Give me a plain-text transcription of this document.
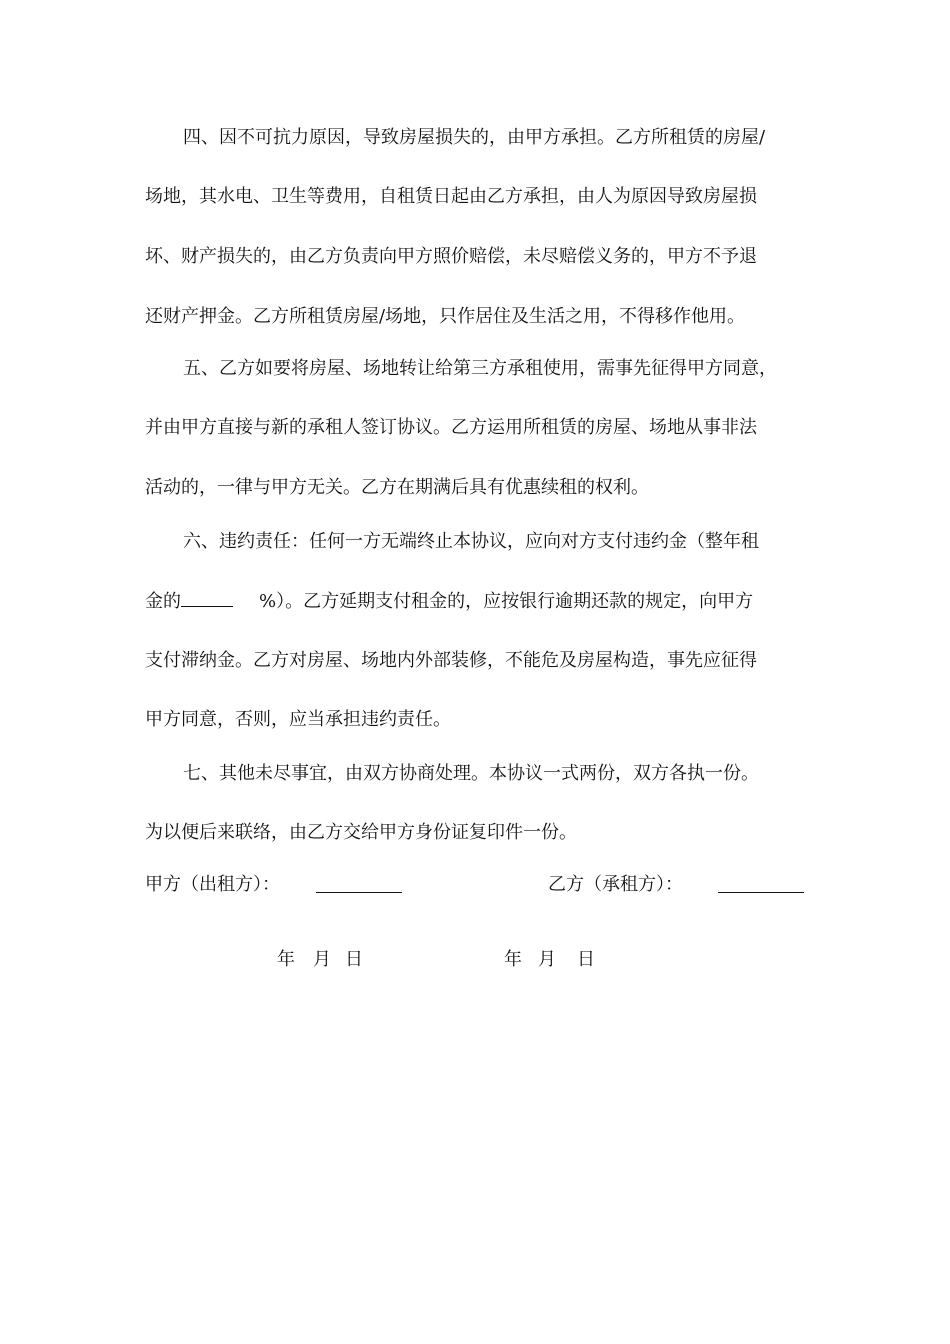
四、因不可抗力原因，导致房屋损失的，由甲方承担。乙方所租赁的房屋/
场地，其水电、卫生等费用，自租赁日起由乙方承担，由人为原因导致房屋损
坏、财产损失的，由乙方负责向甲方照价赔偿，未尽赔偿义务的，甲方不予退
还财产押金。乙方所租赁房屋/场地，只作居住及生活之用，不得移作他用。
五、乙方如要将房屋、场地转让给第三方承租使用，需事先征得甲方同意，
并由甲方直接与新的承租人签订协议。乙方运用所租赁的房屋、场地从事非法
活动的，一律与甲方无关。乙方在期满后具有优惠续租的权利。
六、违约责任：任何一方无端终止本协议，应向对方支付违约金（整年租
金的	%）。乙方延期支付租金的，应按银行逾期还款的规定，向甲方
支付滞纳金。乙方对房屋、场地内外部装修，不能危及房屋构造，事先应征得
甲方同意，否则，应当承担违约责任。
七、其他未尽事宜，由双方协商处理。本协议一式两份，双方各执一份。
为以便后来联络，由乙方交给甲方身份证复印件一份。
甲方（出租方）：	乙方（承租方）：
年 月 日	年 月 日
